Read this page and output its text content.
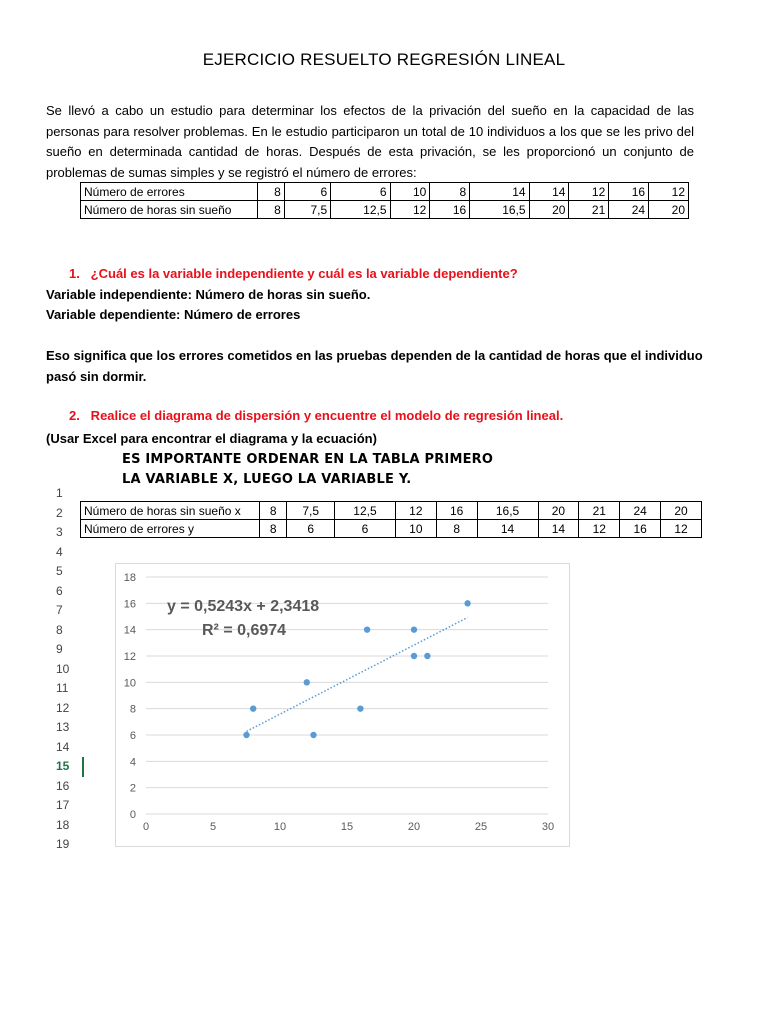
EJERCICIO RESUELTO REGRESIÓN LINEAL
Se llevó a cabo un estudio para determinar los efectos de la privación del sueño en la capacidad de las personas para resolver problemas. En le estudio participaron un total de 10 individuos a los que se les privo del sueño en determinada cantidad de horas. Después de esta privación, se les proporcionó un conjunto de problemas de sumas simples y se registró el número de errores:
Número de errores	8	6	6	10	8	14	14	12	16	12
Número de horas sin sueño	8	7,5	12,5	12	16	16,5	20	21	24	20
1.   ¿Cuál es la variable independiente y cuál es la variable dependiente?
Variable independiente: Número de horas sin sueño.
Variable dependiente: Número de errores
Eso significa que los errores cometidos en las pruebas dependen de la cantidad de horas que el individuo pasó sin dormir.
2.   Realice el diagrama de dispersión y encuentre el modelo de regresión lineal.
(Usar Excel para encontrar el diagrama y la ecuación)
ES IMPORTANTE ORDENAR EN LA TABLA PRIMERO
LA VARIABLE X, LUEGO LA VARIABLE Y.
1
2
3
4
5
6
7
8
9
10
11
12
13
14
15
16
17
18
19
Número de horas sin sueño x	8	7,5	12,5	12	16	16,5	20	21	24	20
Número de errores y	8	6	6	10	8	14	14	12	16	12
0
2
4
6
8
10
12
14
16
18
0	5	10	15	20	25	30
y = 0,5243x + 2,3418
R² = 0,6974
